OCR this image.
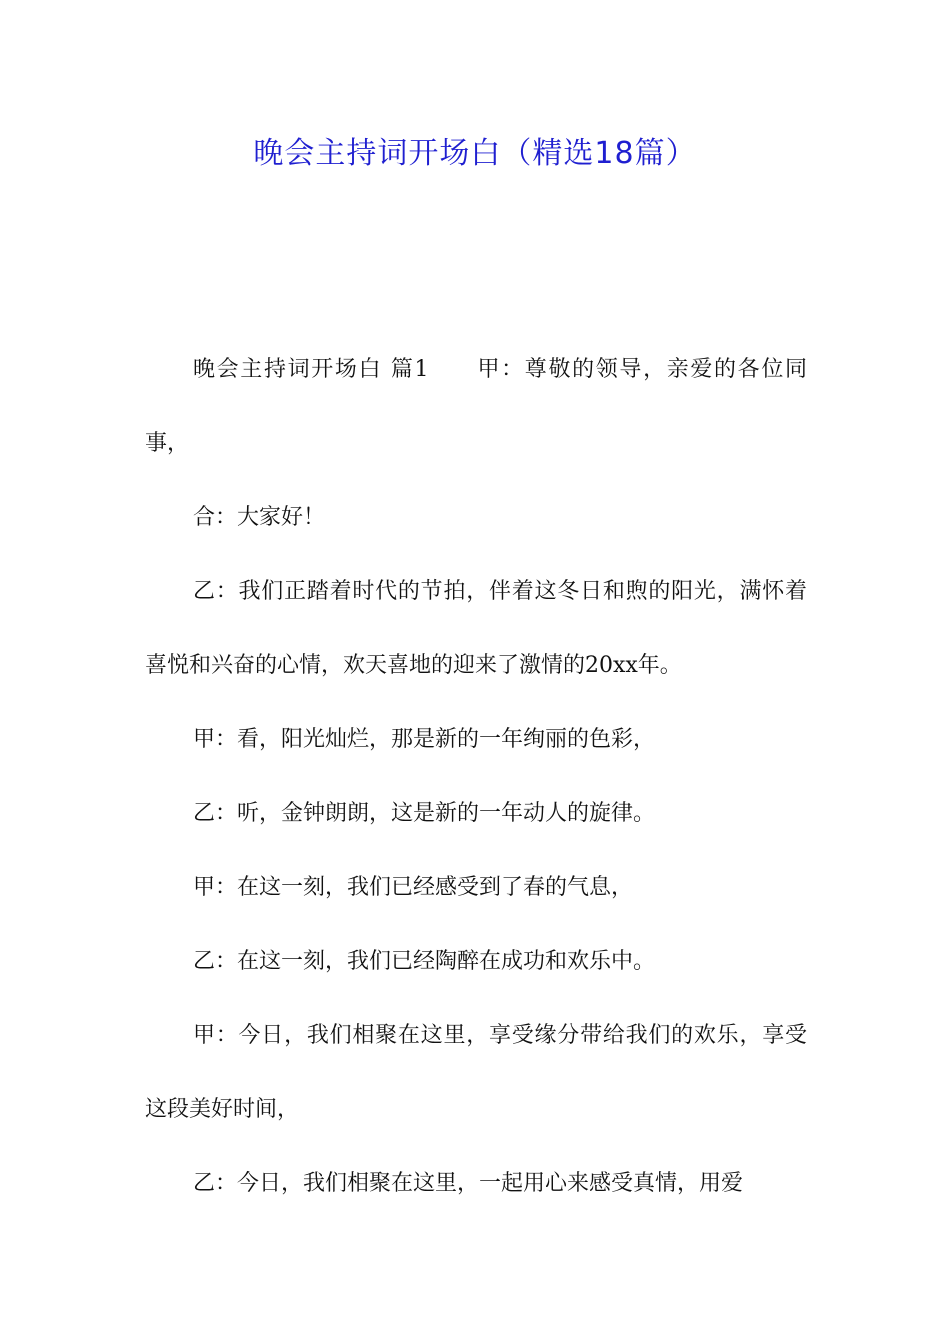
晚会主持词开场白（精选18篇）

晚会主持词开场白 篇1　　甲：尊敬的领导，亲爱的各位同事，

合：大家好！

乙：我们正踏着时代的节拍，伴着这冬日和煦的阳光，满怀着喜悦和兴奋的心情，欢天喜地的迎来了激情的20xx年。

甲：看，阳光灿烂，那是新的一年绚丽的色彩，

乙：听，金钟朗朗，这是新的一年动人的旋律。

甲：在这一刻，我们已经感受到了春的气息，

乙：在这一刻，我们已经陶醉在成功和欢乐中。

甲：今日，我们相聚在这里，享受缘分带给我们的欢乐，享受这段美好时间，

乙：今日，我们相聚在这里，一起用心来感受真情，用爱
